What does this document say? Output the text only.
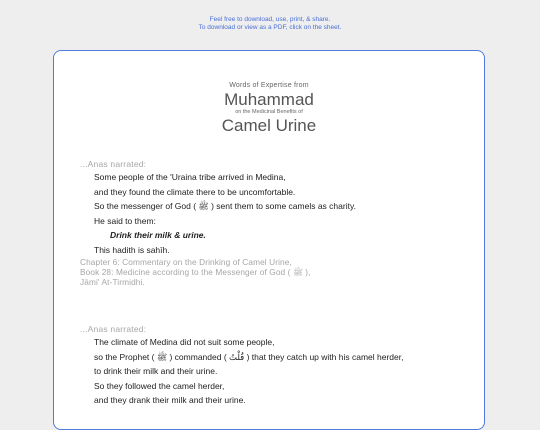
Feel free to download, use, print, & share.
To download or view as a PDF, click on the sheet.
Words of Expertise from
Muhammad
on the Medicinal Benefits of
Camel Urine
...Anas narrated:
Some people of the 'Uraina tribe arrived in Medina,
and they found the climate there to be uncomfortable.
So the messenger of God ( ﷺ ) sent them to some camels as charity.
He said to them:
Drink their milk & urine.
This hadith is sahīh.
Chapter 6: Commentary on the Drinking of Camel Urine,
Book 28: Medicine according to the Messenger of God ( ﷺ ),
Jāmi' At-Tirmidhi.
...Anas narrated:
The climate of Medina did not suit some people,
so the Prophet ( ﷺ ) commanded ( قُلْتُ ) that they catch up with his camel herder,
to drink their milk and their urine.
So they followed the camel herder,
and they drank their milk and their urine.
